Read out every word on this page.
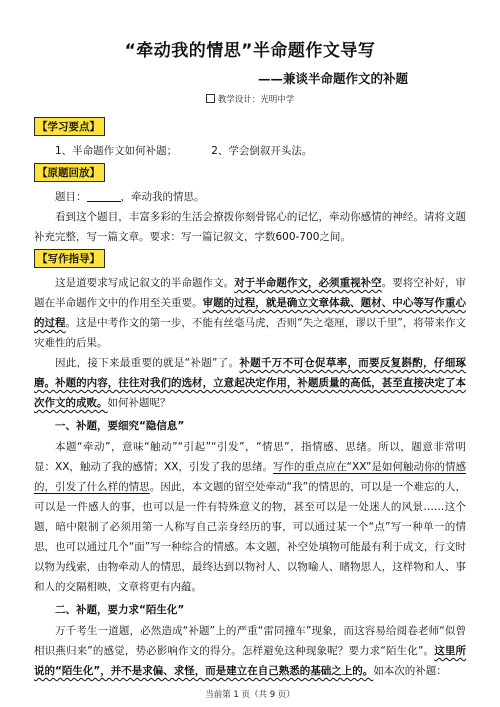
“牵动我的情思”半命题作文导写
——兼谈半命题作文的补题
教学设计：光明中学
【学习要点】
1、半命题作文如何补题；	2、学会倒叙开头法。
【原题回放】

题目：	，牵动我的情思。

看到这个题目，丰富多彩的生活会撩拨你刻骨铭心的记忆，牵动你感情的神经。请将文题补充完整，写一篇文章。要求：写一篇记叙文，字数600-700之间。

【写作指导】

这是道要求写成记叙文的半命题作文。对于半命题作文，必须重视补空。要将空补好，审题在半命题作文中的作用至关重要。审题的过程，就是确立文章体裁、题材、中心等写作重心的过程。这是中考作文的第一步，不能有丝毫马虎，否则“失之毫厘，谬以千里”，将带来作文灾难性的后果。

因此，接下来最重要的就是“补题”了。补题千万不可仓促草率，而要反复斟酌，仔细琢磨。补题的内容，往往对我们的选材，立意起决定作用，补题质量的高低，甚至直接决定了本次作文的成败。如何补题呢？

一、补题，要细究“隐信息”

本题“牵动”，意味“触动”“引起”“引发”，“情思”，指情感、思绪。所以，题意非常明显：XX，触动了我的感情；XX，引发了我的思绪。写作的重点应在“XX”是如何触动你的情感的，引发了什么样的情思。因此，本文题的留空处牵动“我”的情思的，可以是一个难忘的人，可以是一件感人的事，也可以是一件有特殊意义的物，甚至可以是一处迷人的风景……这个题，暗中限制了必须用第一人称写自己亲身经历的事，可以通过某一个“点”写一种单一的情思，也可以通过几个“面”写一种综合的情感。本文题，补空处填物可能最有利于成文，行文时以物为线索，由物牵动人的情思，最终达到以物衬人、以物喻人、睹物思人，这样物和人、事和人的交隔相映，文章将更有内蕴。

二、补题，要力求“陌生化”

万千考生一道题，必然造成“补题”上的严重“雷同撞车”现象，而这容易给阅卷老师“似曾相识燕归来”的感觉，势必影响作文的得分。怎样避免这种现象呢？要力求“陌生化”。这里所说的“陌生化”，并不是求偏、求怪，而是建立在自己熟悉的基础之上的。如本次的补题：

当前第 1 页（共 9 页）
